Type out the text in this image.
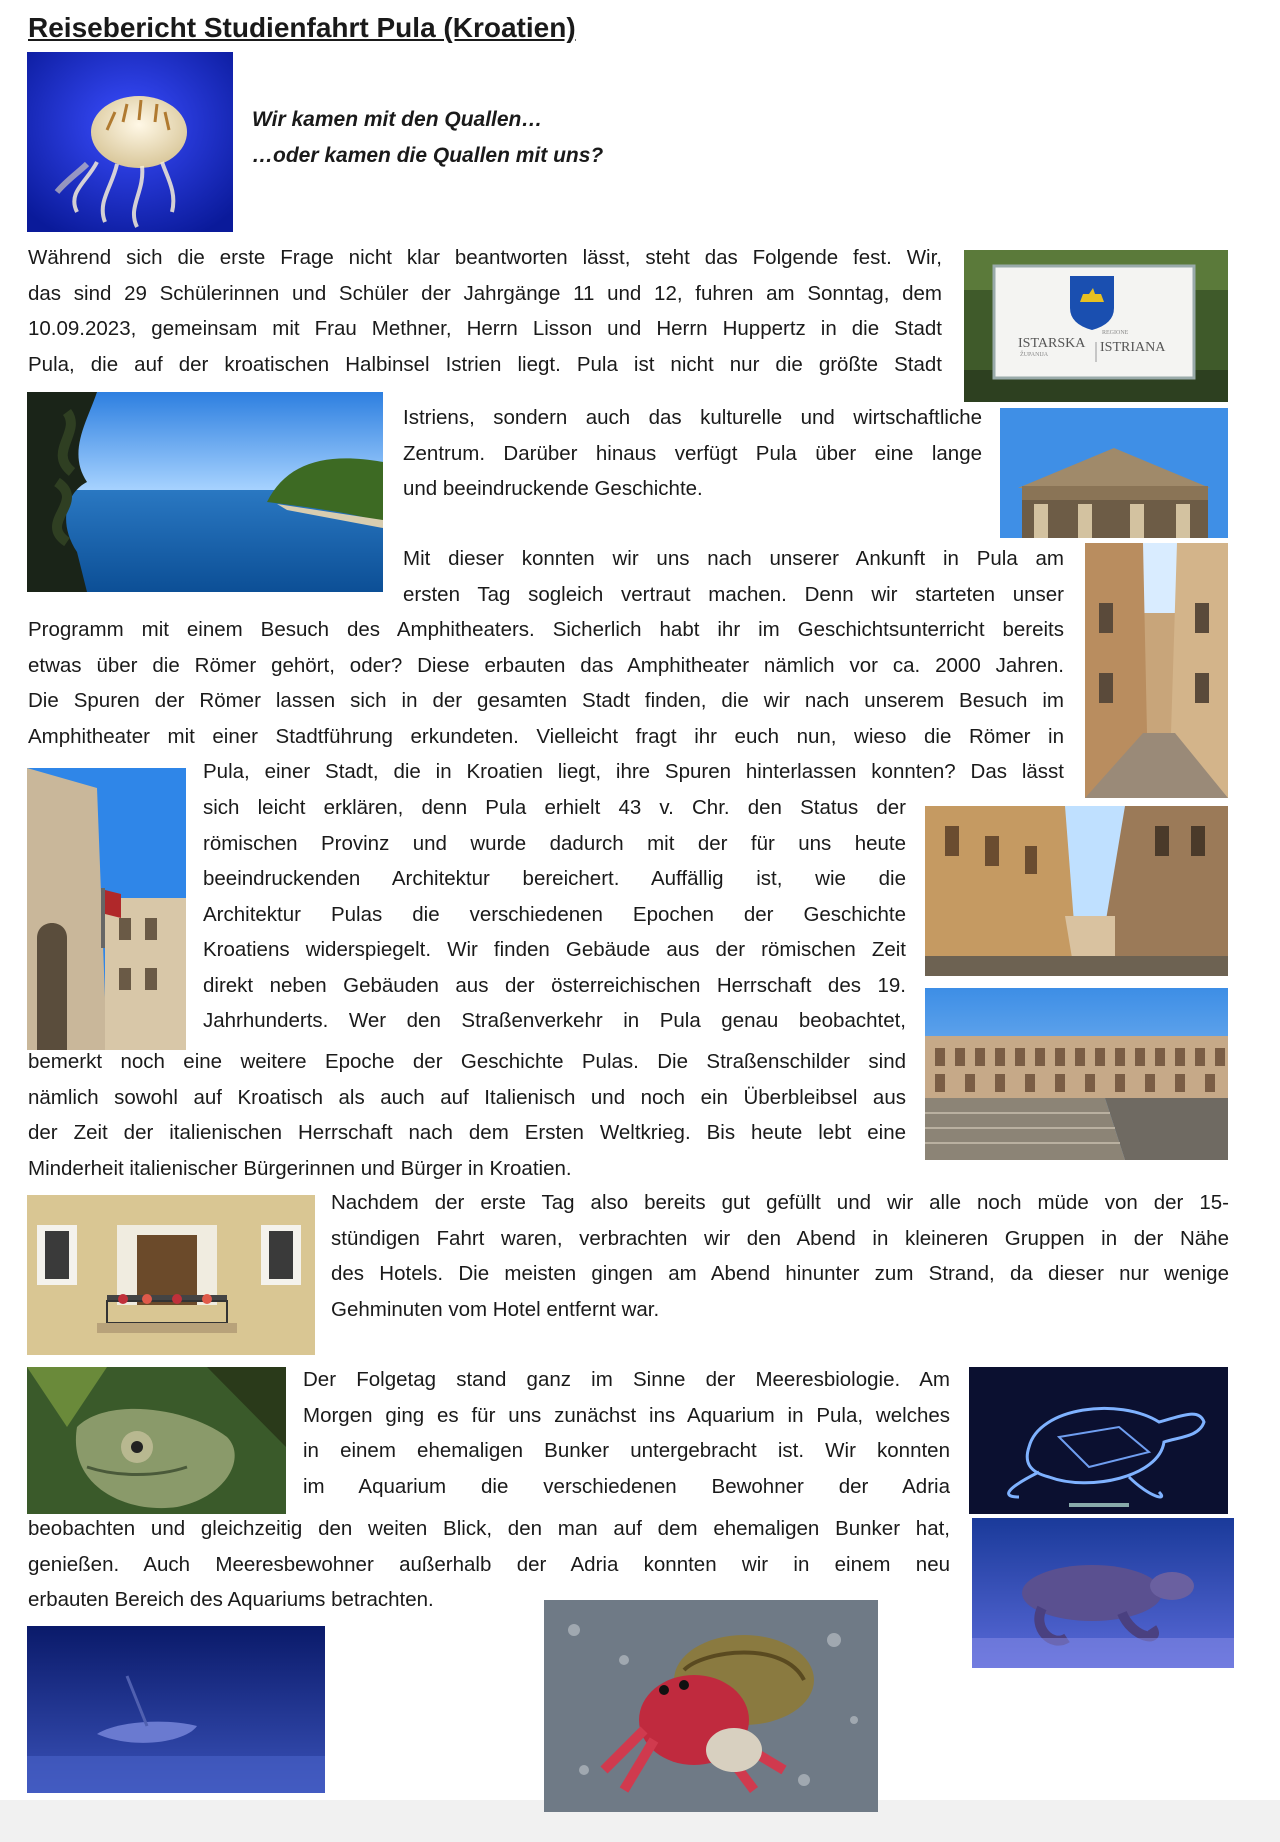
Reisebericht Studienfahrt Pula (Kroatien)
Wir kamen mit den Quallen…
…oder kamen die Quallen mit uns?
Während sich die erste Frage nicht klar beantworten lässt, steht das Folgende fest. Wir,
das sind 29 Schülerinnen und Schüler der Jahrgänge 11 und 12, fuhren am Sonntag, dem
10.09.2023, gemeinsam mit Frau Methner, Herrn Lisson und Herrn Huppertz in die Stadt
Pula, die auf der kroatischen Halbinsel Istrien liegt. Pula ist nicht nur die größte Stadt
ISTARSKA ISTRIANA
REGIONE
ŽUPANIJA
Istriens, sondern auch das kulturelle und wirtschaftliche
Zentrum. Darüber hinaus verfügt Pula über eine lange
und beeindruckende Geschichte.
Mit dieser konnten wir uns nach unserer Ankunft in Pula am
ersten Tag sogleich vertraut machen. Denn wir starteten unser
Programm mit einem Besuch des Amphitheaters. Sicherlich habt ihr im Geschichtsunterricht bereits
etwas über die Römer gehört, oder? Diese erbauten das Amphitheater nämlich vor ca. 2000 Jahren.
Die Spuren der Römer lassen sich in der gesamten Stadt finden, die wir nach unserem Besuch im
Amphitheater mit einer Stadtführung erkundeten. Vielleicht fragt ihr euch nun, wieso die Römer in
Pula, einer Stadt, die in Kroatien liegt, ihre Spuren hinterlassen konnten? Das lässt
sich leicht erklären, denn Pula erhielt 43 v. Chr. den Status der
römischen Provinz und wurde dadurch mit der für uns heute
beeindruckenden Architektur bereichert. Auffällig ist, wie die
Architektur Pulas die verschiedenen Epochen der Geschichte
Kroatiens widerspiegelt. Wir finden Gebäude aus der römischen Zeit
direkt neben Gebäuden aus der österreichischen Herrschaft des 19.
Jahrhunderts. Wer den Straßenverkehr in Pula genau beobachtet,
bemerkt noch eine weitere Epoche der Geschichte Pulas. Die Straßenschilder sind
nämlich sowohl auf Kroatisch als auch auf Italienisch und noch ein Überbleibsel aus
der Zeit der italienischen Herrschaft nach dem Ersten Weltkrieg. Bis heute lebt eine
Minderheit italienischer Bürgerinnen und Bürger in Kroatien.
Nachdem der erste Tag also bereits gut gefüllt und wir alle noch müde von der 15-
stündigen Fahrt waren, verbrachten wir den Abend in kleineren Gruppen in der Nähe
des Hotels. Die meisten gingen am Abend hinunter zum Strand, da dieser nur wenige
Gehminuten vom Hotel entfernt war.
Der Folgetag stand ganz im Sinne der Meeresbiologie. Am
Morgen ging es für uns zunächst ins Aquarium in Pula, welches
in einem ehemaligen Bunker untergebracht ist. Wir konnten
im Aquarium die verschiedenen Bewohner der Adria
beobachten und gleichzeitig den weiten Blick, den man auf dem ehemaligen Bunker hat,
genießen. Auch Meeresbewohner außerhalb der Adria konnten wir in einem neu
erbauten Bereich des Aquariums betrachten.
